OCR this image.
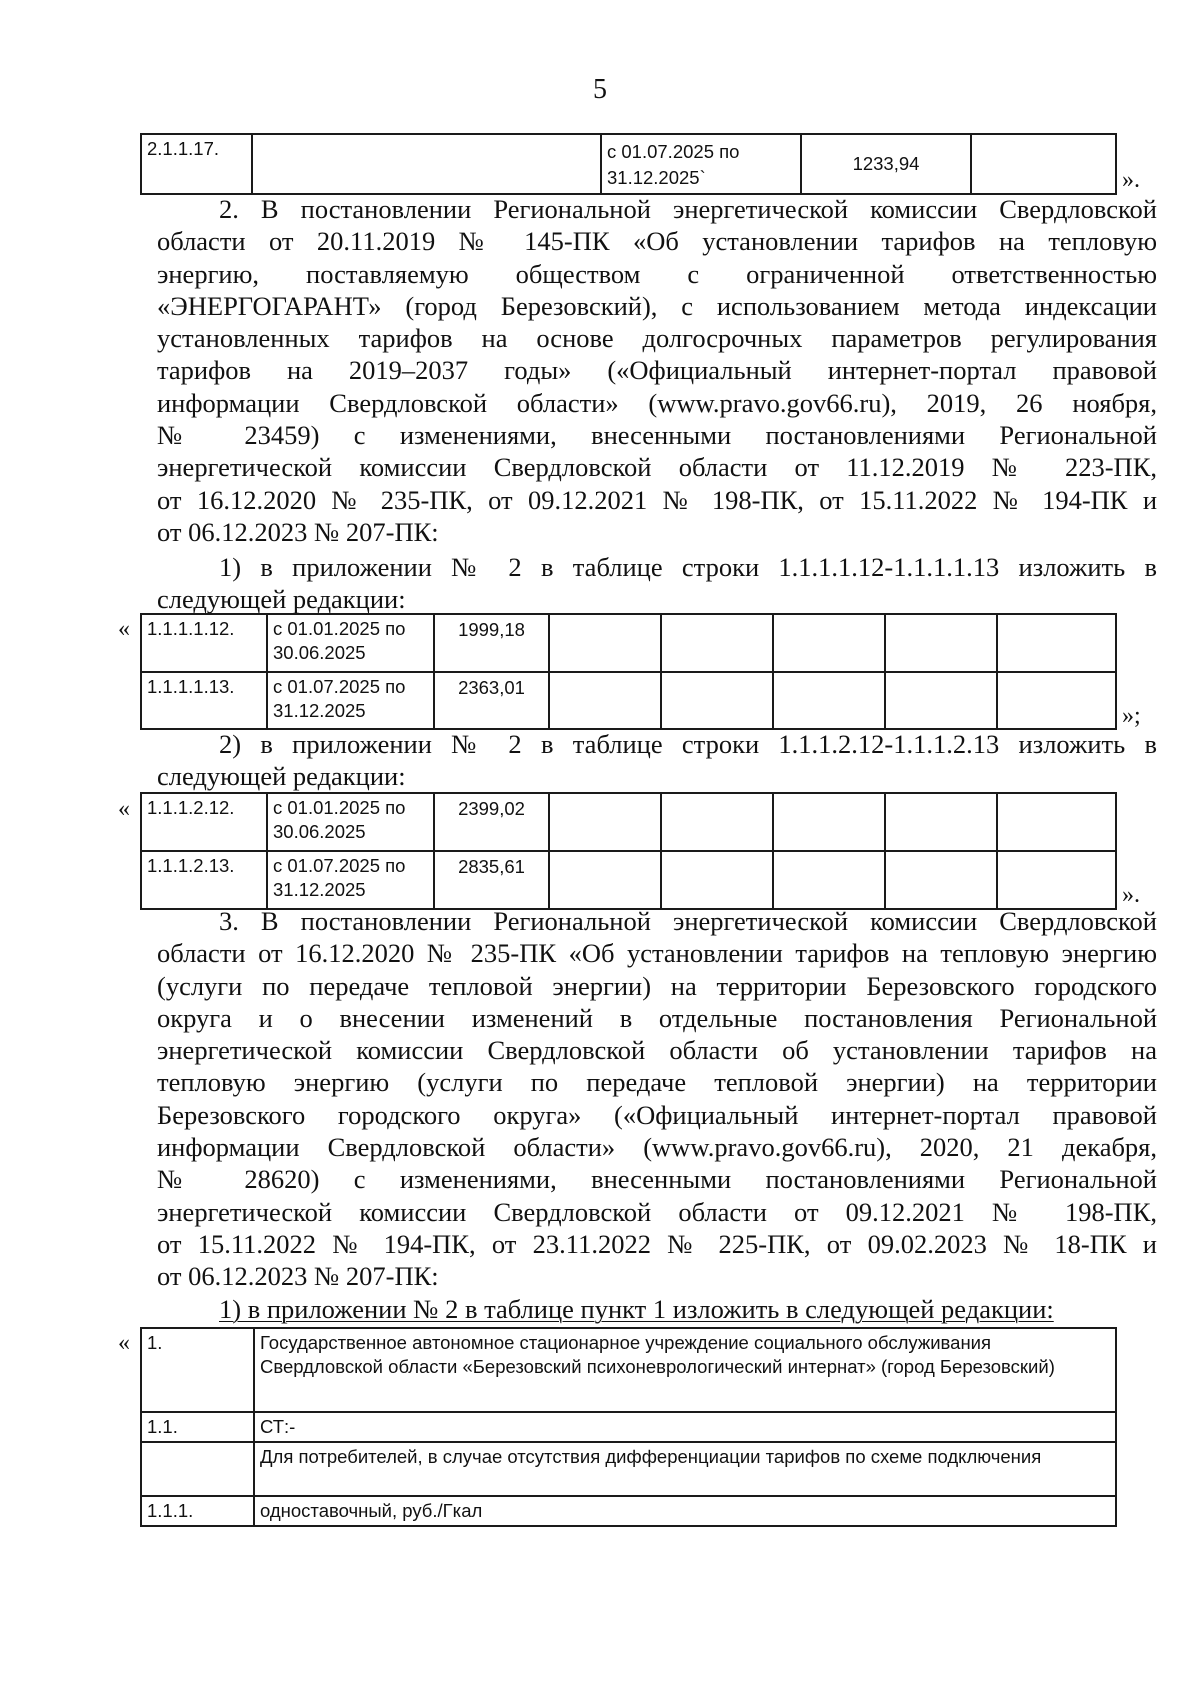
5
2.1.1.17.		с 01.07.2025 по 31.12.2025`	1233,94	
».
2. В постановлении Региональной энергетической комиссии Свердловской
области от 20.11.2019 № 145-ПК «Об установлении тарифов на тепловую
энергию, поставляемую обществом с ограниченной ответственностью
«ЭНЕРГОГАРАНТ» (город Березовский), с использованием метода индексации
установленных тарифов на основе долгосрочных параметров регулирования
тарифов на 2019–2037 годы» («Официальный интернет-портал правовой
информации Свердловской области» (www.pravo.gov66.ru), 2019, 26 ноября,
№ 23459) с изменениями, внесенными постановлениями Региональной
энергетической комиссии Свердловской области от 11.12.2019 № 223-ПК,
от 16.12.2020 № 235-ПК, от 09.12.2021 № 198-ПК, от 15.11.2022 № 194-ПК и
от 06.12.2023 № 207-ПК:
1) в приложении № 2 в таблице строки 1.1.1.1.12-1.1.1.1.13 изложить в
следующей редакции:
« 1.1.1.1.12.	с 01.01.2025 по 30.06.2025	1999,18					
1.1.1.1.13.	с 01.07.2025 по 31.12.2025	2363,01					
»;
2) в приложении № 2 в таблице строки 1.1.1.2.12-1.1.1.2.13 изложить в
следующей редакции:
« 1.1.1.2.12.	с 01.01.2025 по 30.06.2025	2399,02					
1.1.1.2.13.	с 01.07.2025 по 31.12.2025	2835,61					
».
3. В постановлении Региональной энергетической комиссии Свердловской
области от 16.12.2020 № 235-ПК «Об установлении тарифов на тепловую энергию
(услуги по передаче тепловой энергии) на территории Березовского городского
округа и о внесении изменений в отдельные постановления Региональной
энергетической комиссии Свердловской области об установлении тарифов на
тепловую энергию (услуги по передаче тепловой энергии) на территории
Березовского городского округа» («Официальный интернет-портал правовой
информации Свердловской области» (www.pravo.gov66.ru), 2020, 21 декабря,
№ 28620) с изменениями, внесенными постановлениями Региональной
энергетической комиссии Свердловской области от 09.12.2021 № 198-ПК,
от 15.11.2022 № 194-ПК, от 23.11.2022 № 225-ПК, от 09.02.2023 № 18-ПК и
от 06.12.2023 № 207-ПК:
1) в приложении № 2 в таблице пункт 1 изложить в следующей редакции:
« 1.	Государственное автономное стационарное учреждение социального обслуживания Свердловской области «Березовский психоневрологический интернат» (город Березовский)
1.1.	СТ:-
	Для потребителей, в случае отсутствия дифференциации тарифов по схеме подключения
1.1.1.	одноставочный, руб./Гкал
